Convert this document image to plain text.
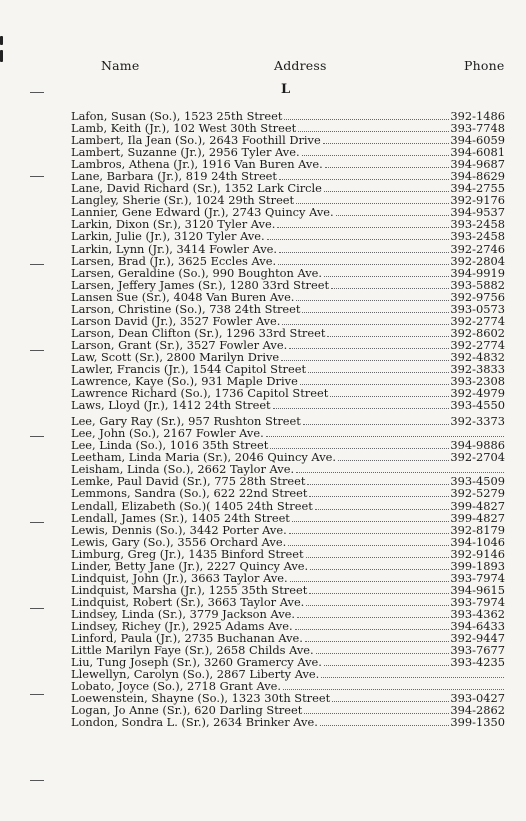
Name	Address	Phone
L
Lafon, Susan (So.), 1523 25th Street	392-1486
Lamb, Keith (Jr.), 102 West 30th Street	393-7748
Lambert, Ila Jean (So.), 2643 Foothill Drive	394-6059
Lambert, Suzanne (Jr.), 2956 Tyler Ave.	394-6081
Lambros, Athena (Jr.), 1916 Van Buren Ave.	394-9687
Lane, Barbara (Jr.), 819 24th Street	394-8629
Lane, David Richard (Sr.), 1352 Lark Circle	394-2755
Langley, Sherie (Sr.), 1024 29th Street	392-9176
Lannier, Gene Edward (Jr.), 2743 Quincy Ave.	394-9537
Larkin, Dixon (Sr.), 3120 Tyler Ave.	393-2458
Larkin, Julie (Jr.), 3120 Tyler Ave.	393-2458
Larkin, Lynn (Jr.), 3414 Fowler Ave.	392-2746
Larsen, Brad (Jr.), 3625 Eccles Ave.	392-2804
Larsen, Geraldine (So.), 990 Boughton Ave.	394-9919
Larsen, Jeffery James (Sr.), 1280 33rd Street	393-5882
Lansen Sue (Sr.), 4048 Van Buren Ave.	392-9756
Larson, Christine (So.), 738 24th Street	393-0573
Larson David (Jr.), 3527 Fowler Ave.	392-2774
Larson, Dean Clifton (Sr.), 1296 33rd Street	392-8602
Larson, Grant (Sr.), 3527 Fowler Ave.	392-2774
Law, Scott (Sr.), 2800 Marilyn Drive	392-4832
Lawler, Francis (Jr.), 1544 Capitol Street	392-3833
Lawrence, Kaye (So.), 931 Maple Drive	393-2308
Lawrence Richard (So.), 1736 Capitol Street	392-4979
Laws, Lloyd (Jr.), 1412 24th Street	393-4550
Lee, Gary Ray (Sr.), 957 Rushton Street	392-3373
Lee, John (So.), 2167 Fowler Ave.
Lee, Linda (So.), 1016 35th Street	394-9886
Leetham, Linda Maria (Sr.), 2046 Quincy Ave.	392-2704
Leisham, Linda (So.), 2662 Taylor Ave.
Lemke, Paul David (Sr.), 775 28th Street	393-4509
Lemmons, Sandra (So.), 622 22nd Street	392-5279
Lendall, Elizabeth (So.)( 1405 24th Street	399-4827
Lendall, James (Sr.), 1405 24th Street	399-4827
Lewis, Dennis (So.), 3442 Porter Ave.	392-8179
Lewis, Gary (So.), 3556 Orchard Ave.	394-1046
Limburg, Greg (Jr.), 1435 Binford Street	392-9146
Linder, Betty Jane (Jr.), 2227 Quincy Ave.	399-1893
Lindquist, John (Jr.), 3663 Taylor Ave.	393-7974
Lindquist, Marsha (Jr.), 1255 35th Street	394-9615
Lindquist, Robert (Sr.), 3663 Taylor Ave.	393-7974
Lindsey, Linda (Sr.), 3779 Jackson Ave.	393-4362
Lindsey, Richey (Jr.), 2925 Adams Ave.	394-6433
Linford, Paula (Jr.), 2735 Buchanan Ave.	392-9447
Little Marilyn Faye (Sr.), 2658 Childs Ave.	393-7677
Liu, Tung Joseph (Sr.), 3260 Gramercy Ave.	393-4235
Llewellyn, Carolyn (So.), 2867 Liberty Ave.
Lobato, Joyce (So.), 2718 Grant Ave.
Loewenstein, Shayne (So.), 1323 30th Street	393-0427
Logan, Jo Anne (Sr.), 620 Darling Street	394-2862
London, Sondra L. (Sr.), 2634 Brinker Ave.	399-1350
